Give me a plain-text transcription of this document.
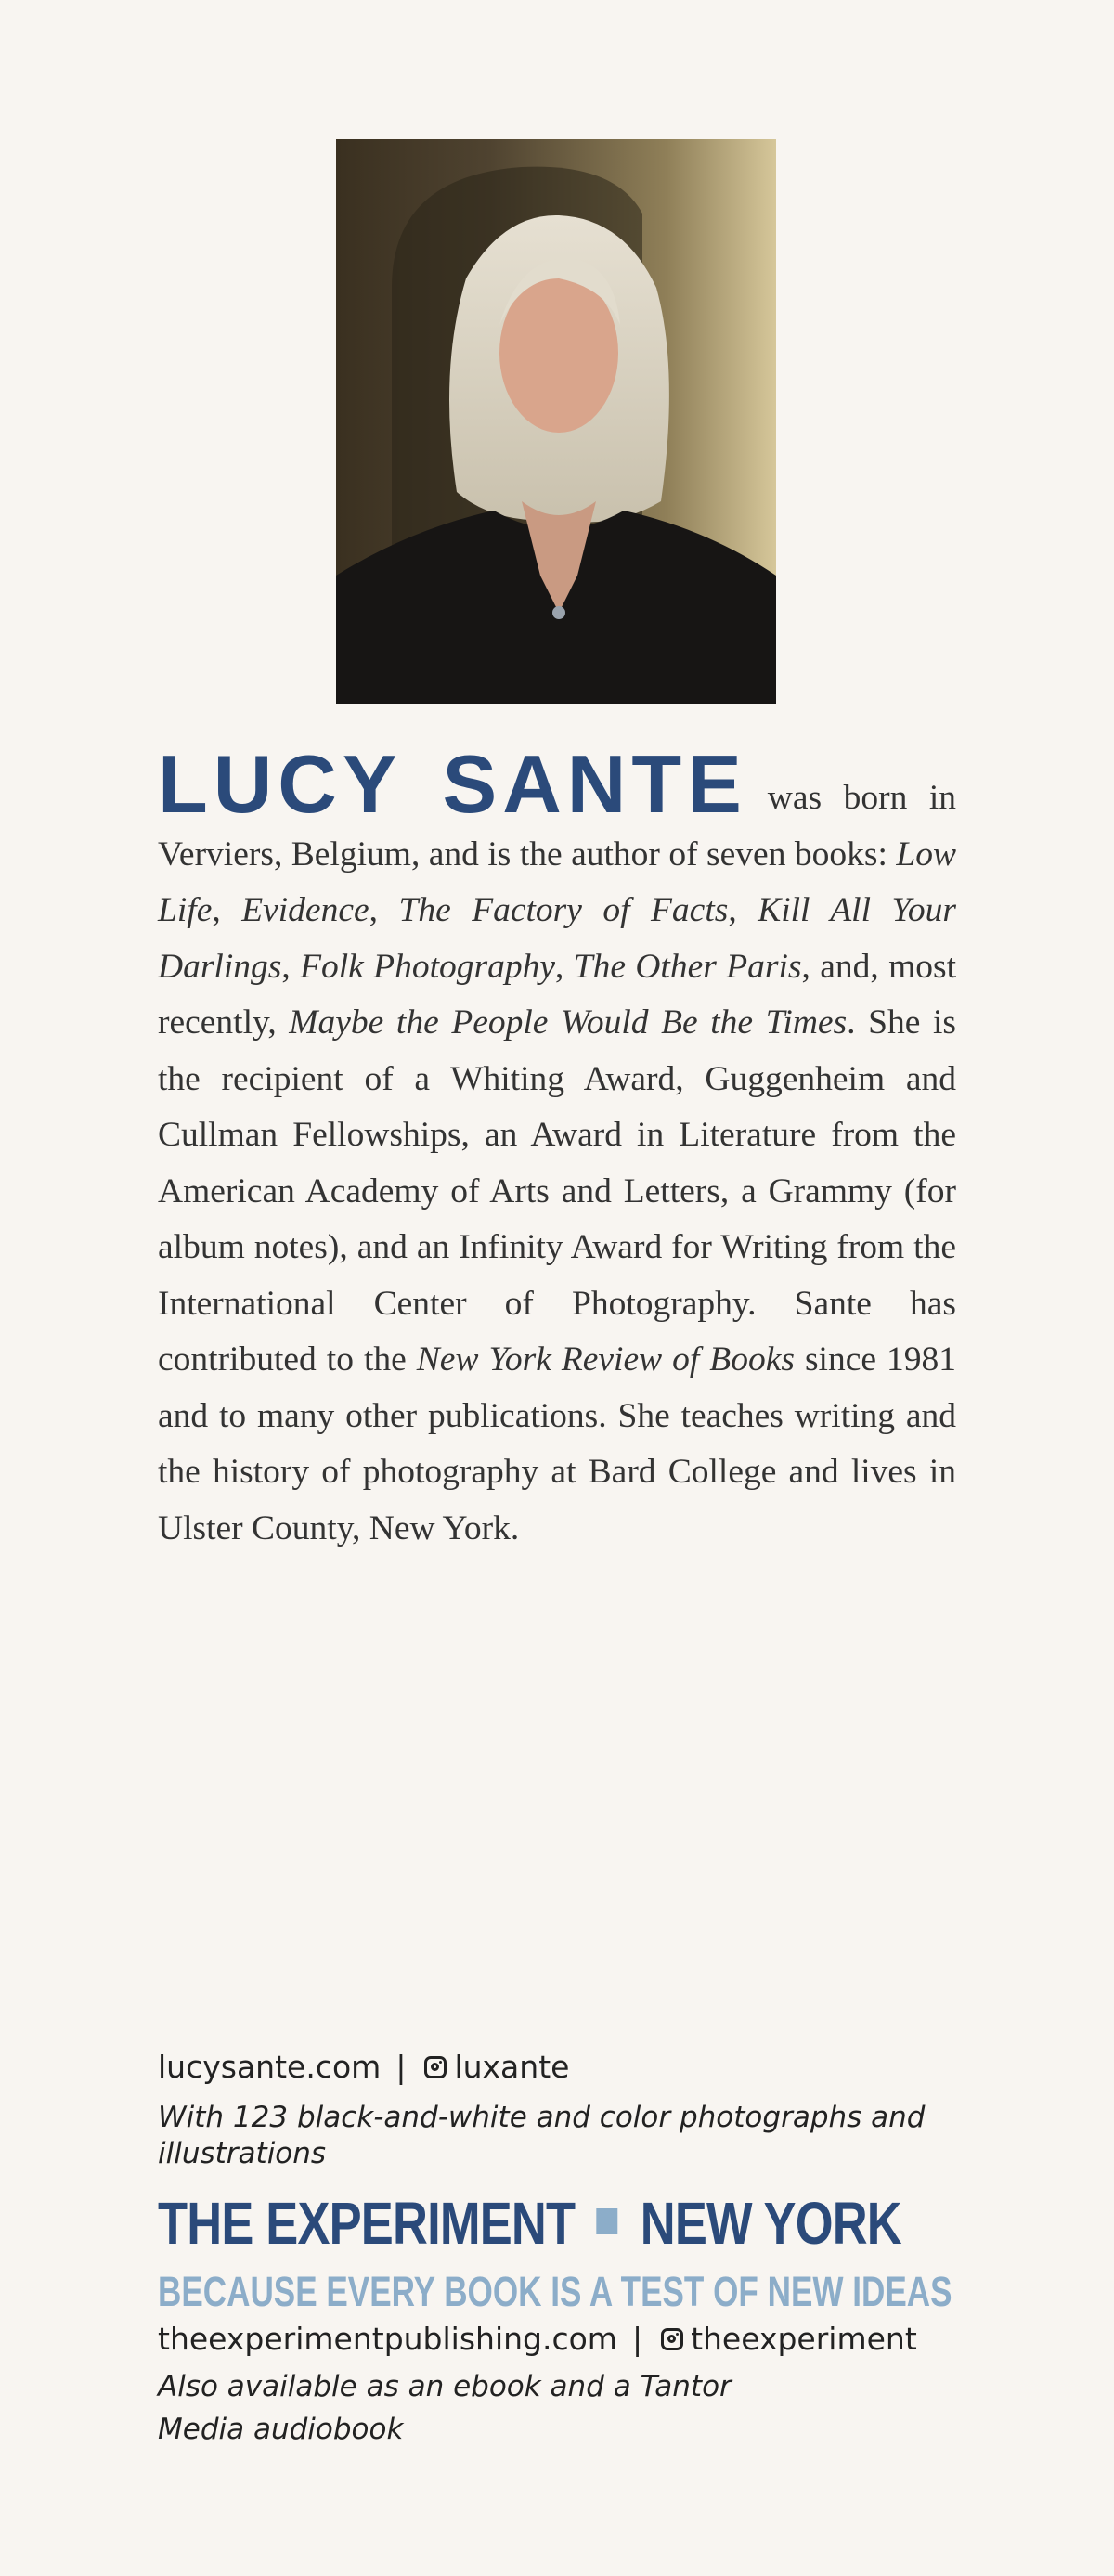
LUCY SANTE was born in Verviers, Belgium, and is the author of seven books: Low Life, Evidence, The Factory of Facts, Kill All Your Darlings, Folk Photography, The Other Paris, and, most recently, Maybe the People Would Be the Times. She is the recipient of a Whiting Award, Guggenheim and Cullman Fellowships, an Award in Literature from the American Academy of Arts and Letters, a Grammy (for album notes), and an Infinity Award for Writing from the International Center of Photography. Sante has contributed to the New York Review of Books since 1981 and to many other publications. She teaches writing and the history of photography at Bard College and lives in Ulster County, New York.
lucysante.com | luxante
With 123 black-and-white and color photographs and illustrations
THE EXPERIMENT NEW YORK
BECAUSE EVERY BOOK IS A TEST OF NEW IDEAS
theexperimentpublishing.com | theexperiment
Also available as an ebook and a Tantor Media audiobook
